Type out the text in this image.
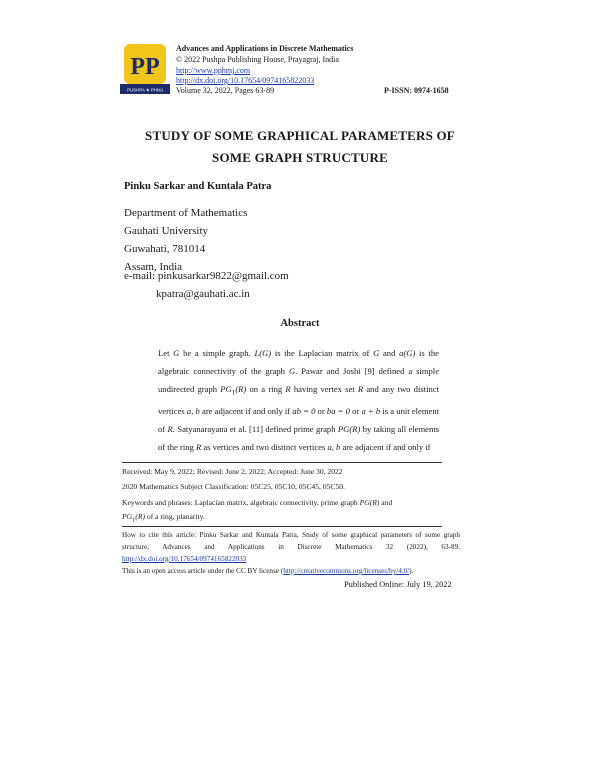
PP
PUSHPA ★ PHMJ
Advances and Applications in Discrete Mathematics
© 2022 Pushpa Publishing House, Prayagraj, India
http://www.pphmj.com
http://dx.doi.org/10.17654/0974165822033
Volume 32, 2022, Pages 63-89	P-ISSN: 0974-1658
STUDY OF SOME GRAPHICAL PARAMETERS OF
SOME GRAPH STRUCTURE
Pinku Sarkar and Kuntala Patra
Department of Mathematics
Gauhati University
Guwahati, 781014
Assam, India
e-mail: pinkusarkar9822@gmail.com
kpatra@gauhati.ac.in
Abstract
Let G be a simple graph. L(G) is the Laplacian matrix of G and a(G) is the algebraic connectivity of the graph G. Pawar and Joshi [9] defined a simple undirected graph $PG_1(R)$ on a ring R having vertex set R and any two distinct vertices a, b are adjacent if and only if ab = 0 or ba = 0 or a + b is a unit element of R. Satyanarayana et al. [11] defined prime graph PG(R) by taking all elements of the ring R as vertices and two distinct vertices a, b are adjacent if and only if
Received: May 9, 2022; Revised: June 2, 2022; Accepted: June 30, 2022
2020 Mathematics Subject Classification: 05C25, 05C10, 05C45, 05C50.
Keywords and phrases: Laplacian matrix, algebraic connectivity, prime graph PG(R) and
$PG_1(R)$ of a ring, planarity.
How to cite this article: Pinku Sarkar and Kuntala Patra, Study of some graphical parameters of some graph structure, Advances and Applications in Discrete Mathematics 32 (2022), 63-89. http://dx.doi.org/10.17654/0974165822033
This is an open access article under the CC BY license (http://creativecommons.org/licenses/by/4.0/).
Published Online: July 19, 2022
